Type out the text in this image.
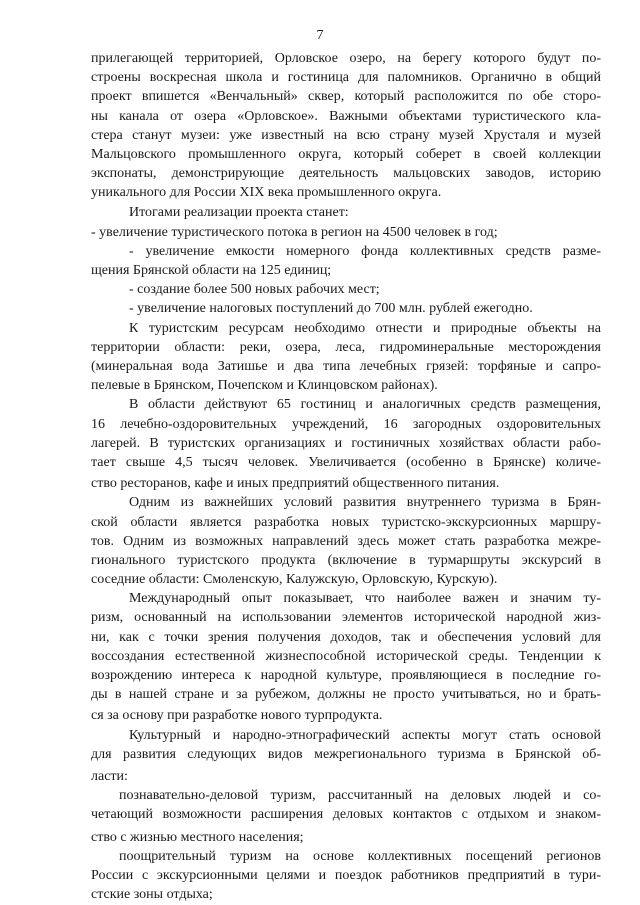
7
прилегающей территорией, Орловское озеро, на берегу которого будут по-
строены воскресная школа и гостиница для паломников. Органично в общий
проект впишется «Венчальный» сквер, который расположится по обе сторо-
ны канала от озера «Орловское». Важными объектами туристического кла-
стера станут музеи: уже известный на всю страну музей Хрусталя и музей
Мальцовского промышленного округа, который соберет в своей коллекции
экспонаты, демонстрирующие деятельность мальцовских заводов, историю
уникального для России XIX века промышленного округа.
Итогами реализации проекта станет:
- увеличение туристического потока в регион на 4500 человек в год;
- увеличение емкости номерного фонда коллективных средств разме-
щения Брянской области на 125 единиц;
- создание более 500 новых рабочих мест;
- увеличение налоговых поступлений до 700 млн. рублей ежегодно.
К туристским ресурсам необходимо отнести и природные объекты на
территории области: реки, озера, леса, гидроминеральные месторождения
(минеральная вода Затишье и два типа лечебных грязей: торфяные и сапро-
пелевые в Брянском, Почепском и Клинцовском районах).
В области действуют 65 гостиниц и аналогичных средств размещения,
16 лечебно-оздоровительных учреждений, 16 загородных оздоровительных
лагерей. В туристских организациях и гостиничных хозяйствах области рабо-
тает свыше 4,5 тысяч человек. Увеличивается (особенно в Брянске) количе-
ство ресторанов, кафе и иных предприятий общественного питания.
Одним из важнейших условий развития внутреннего туризма в Брян-
ской области является разработка новых туристско-экскурсионных маршру-
тов. Одним из возможных направлений здесь может стать разработка межре-
гионального туристского продукта (включение в турмаршруты экскурсий в
соседние области: Смоленскую, Калужскую, Орловскую, Курскую).
Международный опыт показывает, что наиболее важен и значим ту-
ризм, основанный на использовании элементов исторической народной жиз-
ни, как с точки зрения получения доходов, так и обеспечения условий для
воссоздания естественной жизнеспособной исторической среды. Тенденции к
возрождению интереса к народной культуре, проявляющиеся в последние го-
ды в нашей стране и за рубежом, должны не просто учитываться, но и брать-
ся за основу при разработке нового турпродукта.
Культурный и народно-этнографический аспекты могут стать основой
для развития следующих видов межрегионального туризма в Брянской об-
ласти:
познавательно-деловой туризм, рассчитанный на деловых людей и со-
четающий возможности расширения деловых контактов с отдыхом и знаком-
ство с жизнью местного населения;
поощрительный туризм на основе коллективных посещений регионов
России с экскурсионными целями и поездок работников предприятий в тури-
стские зоны отдыха;
